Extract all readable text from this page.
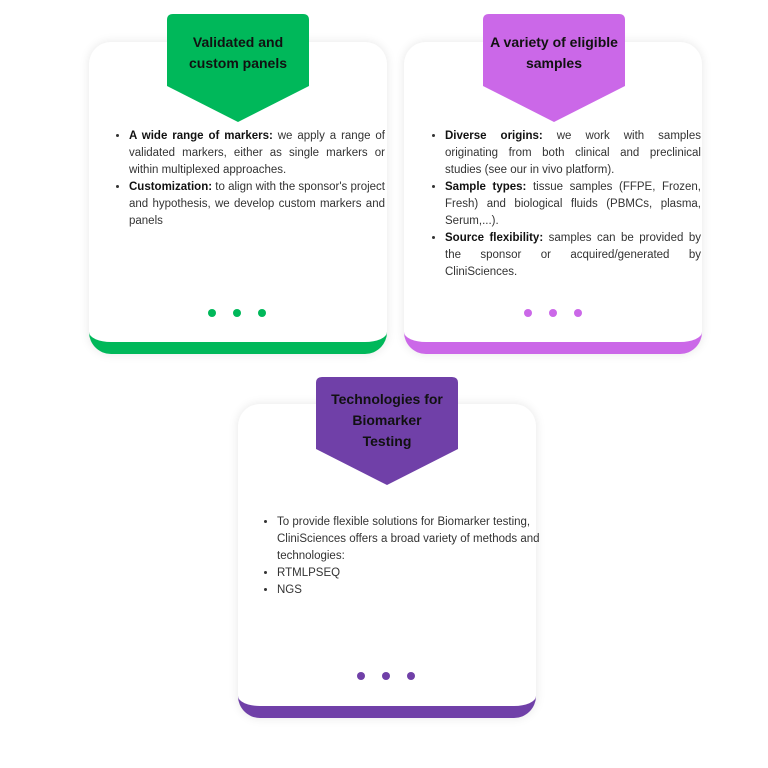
Validated and
custom panels
• A wide range of markers: we apply a range of validated markers, either as single markers or within multiplexed approaches.
• Customization: to align with the sponsor's project and hypothesis, we develop custom markers and panels
A variety of eligible
samples
• Diverse origins: we work with samples originating from both clinical and preclinical studies (see our in vivo platform).
• Sample types: tissue samples (FFPE, Frozen, Fresh) and biological fluids (PBMCs, plasma, Serum,...).
• Source flexibility: samples can be provided by the sponsor or acquired/generated by CliniSciences.
Technologies for
Biomarker
Testing
• To provide flexible solutions for Biomarker testing, CliniSciences offers a broad variety of methods and technologies:
• RTMLPSEQ
• NGS
